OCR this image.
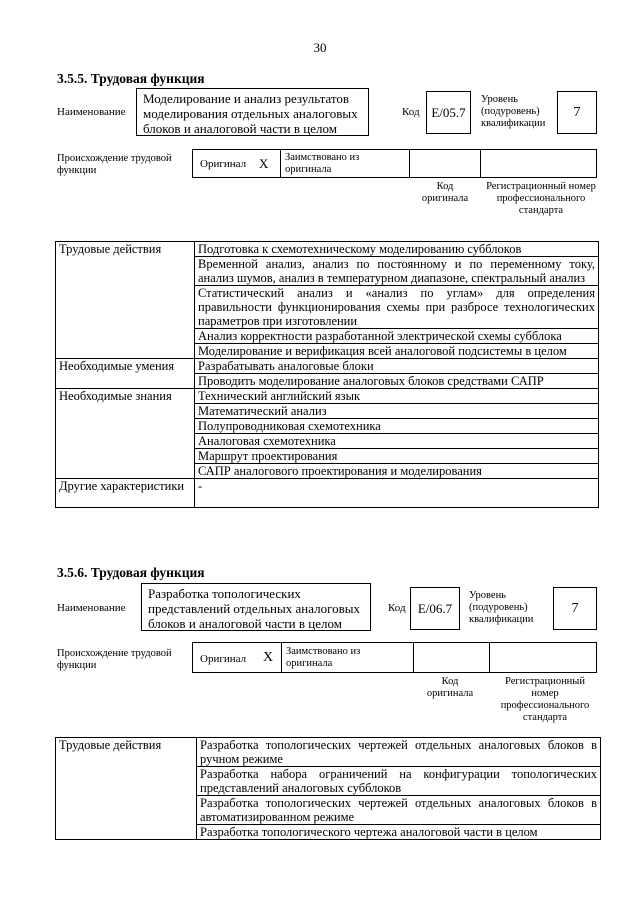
30
3.5.5. Трудовая функция
Наименование
Моделирование и анализ результатов моделирования отдельных аналоговых блоков и аналоговой части в целом
Код E/05.7
Уровень (подуровень) квалификации
7
Происхождение трудовой функции
Оригинал X Заимствовано из оригинала
Код оригинала
Регистрационный номер профессионального стандарта
Трудовые действия	Подготовка к схемотехническому моделированию субблоков
	Временной анализ, анализ по постоянному и по переменному току, анализ шумов, анализ в температурном диапазоне, спектральный анализ
	Статистический анализ и «анализ по углам» для определения правильности функционирования схемы при разбросе технологических параметров при изготовлении
	Анализ корректности разработанной электрической схемы субблока
	Моделирование и верификация всей аналоговой подсистемы в целом
Необходимые умения	Разрабатывать аналоговые блоки
	Проводить моделирование аналоговых блоков средствами САПР
Необходимые знания	Технический английский язык
	Математический анализ
	Полупроводниковая схемотехника
	Аналоговая схемотехника
	Маршрут проектирования
	САПР аналогового проектирования и моделирования
Другие характеристики	-
3.5.6. Трудовая функция
Наименование
Разработка топологических представлений отдельных аналоговых блоков и аналоговой части в целом
Код E/06.7
Уровень (подуровень) квалификации
7
Происхождение трудовой функции
Оригинал X Заимствовано из оригинала
Код оригинала
Регистрационный номер профессионального стандарта
Трудовые действия	Разработка топологических чертежей отдельных аналоговых блоков в ручном режиме
Разработка набора ограничений на конфигурации топологических представлений аналоговых субблоков
Разработка топологических чертежей отдельных аналоговых блоков в автоматизированном режиме
Разработка топологического чертежа аналоговой части в целом
